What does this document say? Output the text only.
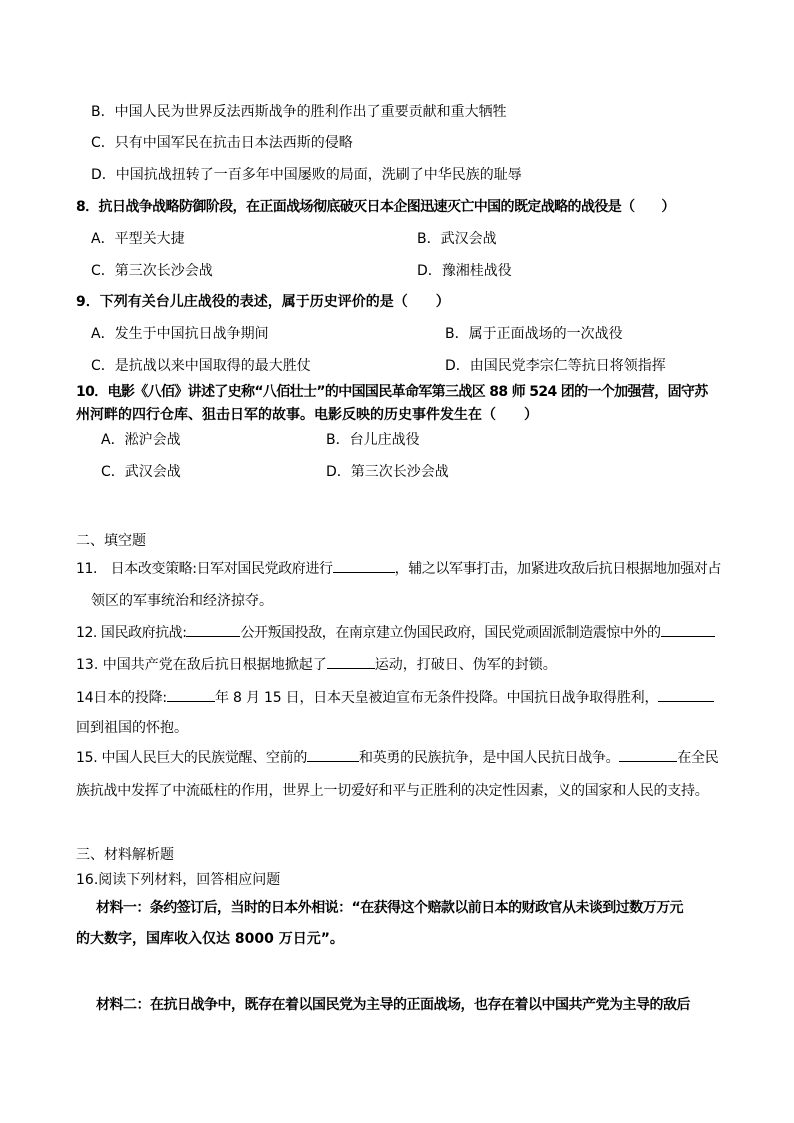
B．中国人民为世界反法西斯战争的胜利作出了重要贡献和重大牺牲
C．只有中国军民在抗击日本法西斯的侵略
D．中国抗战扭转了一百多年中国屡败的局面，洗刷了中华民族的耻辱
8．抗日战争战略防御阶段，在正面战场彻底破灭日本企图迅速灭亡中国的既定战略的战役是（　　）
A．平型关大捷	B．武汉会战
C．第三次长沙会战	D．豫湘桂战役
9．下列有关台儿庄战役的表述，属于历史评价的是（　　）
A．发生于中国抗日战争期间	B．属于正面战场的一次战役
C．是抗战以来中国取得的最大胜仗	D．由国民党李宗仁等抗日将领指挥
10．电影《八佰》讲述了史称“八佰壮士”的中国国民革命军第三战区 88 师 524 团的一个加强营，固守苏
州河畔的四行仓库、狙击日军的故事。电影反映的历史事件发生在（　　）
A．淞沪会战	B．台儿庄战役
C．武汉会战	D．第三次长沙会战
二、填空题
11.　日本改变策略:日军对国民党政府进行	，辅之以军事打击，加紧进攻敌后抗日根据地加强对占
领区的军事统治和经济掠夺。
12. 国民政府抗战:	公开叛国投敌，在南京建立伪国民政府，国民党顽固派制造震惊中外的
13. 中国共产党在敌后抗日根据地掀起了	运动，打破日、伪军的封锁。
14日本的投降:	年 8 月 15 日，日本天皇被迫宣布无条件投降。中国抗日战争取得胜利，
回到祖国的怀抱。
15. 中国人民巨大的民族觉醒、空前的	和英勇的民族抗争，是中国人民抗日战争。	在全民
族抗战中发挥了中流砥柱的作用，世界上一切爱好和平与正胜利的决定性因素，义的国家和人民的支持。
三、材料解析题
16.阅读下列材料，回答相应问题
材料一：条约签订后，当时的日本外相说：“在获得这个赔款以前日本的财政官从未谈到过数万万元
的大数字，国库收入仅达 8000 万日元”。
材料二：在抗日战争中，既存在着以国民党为主导的正面战场，也存在着以中国共产党为主导的敌后
